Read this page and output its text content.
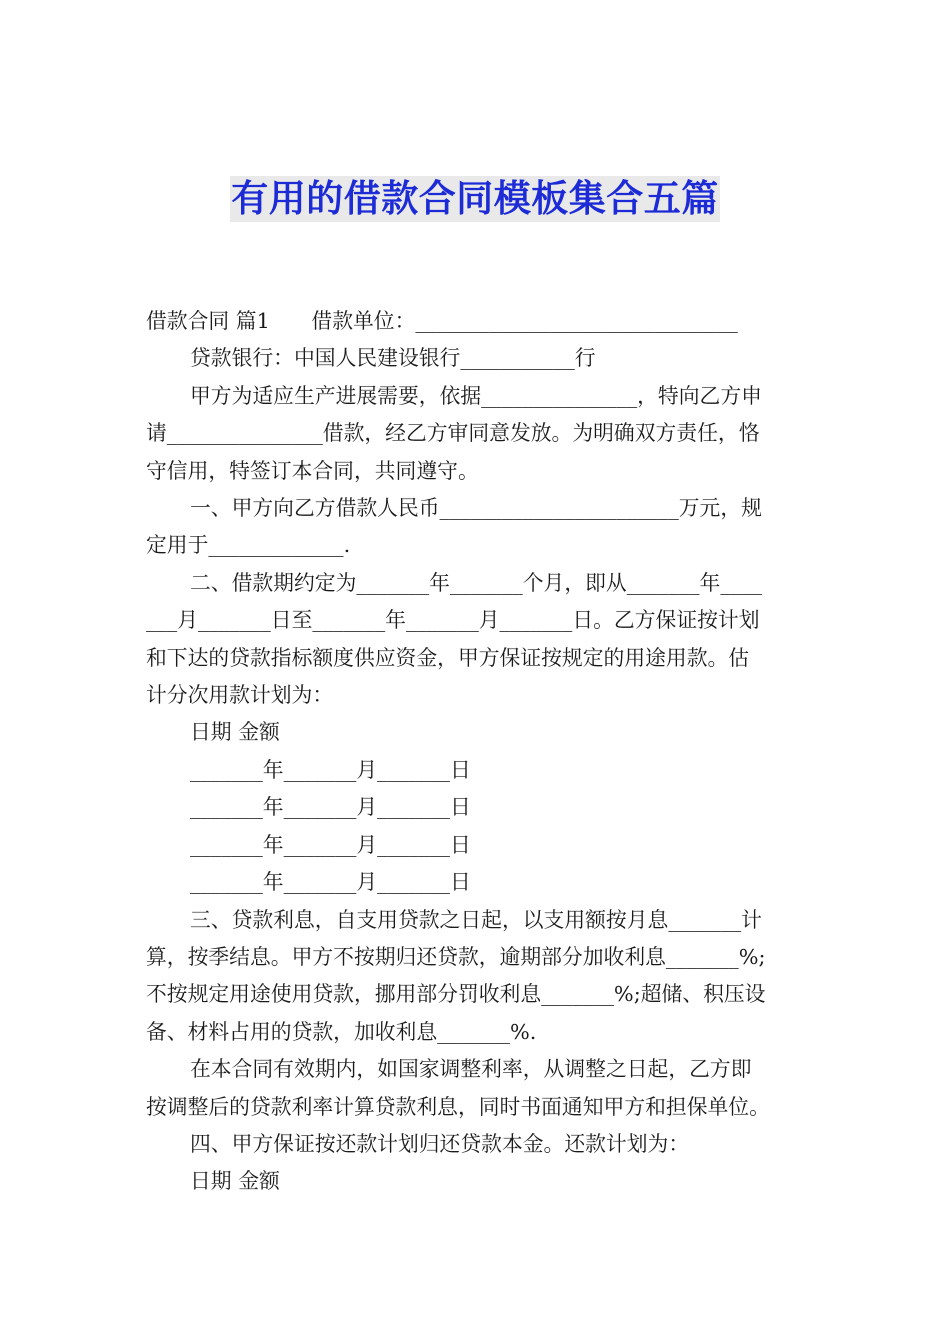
有用的借款合同模板集合五篇

借款合同 篇1　　借款单位：_______________________________

贷款银行：中国人民建设银行___________行

甲方为适应生产进展需要，依据_______________，特向乙方申

请_______________借款，经乙方审同意发放。为明确双方责任，恪

守信用，特签订本合同，共同遵守。

一、甲方向乙方借款人民币_______________________万元，规

定用于_____________.

二、借款期约定为_______年_______个月，即从_______年____

___月_______日至_______年_______月_______日。乙方保证按计划

和下达的贷款指标额度供应资金，甲方保证按规定的用途用款。估

计分次用款计划为：

日期 金额

_______年_______月_______日

_______年_______月_______日

_______年_______月_______日

_______年_______月_______日

三、贷款利息，自支用贷款之日起，以支用额按月息_______计

算，按季结息。甲方不按期归还贷款，逾期部分加收利息_______%;

不按规定用途使用贷款，挪用部分罚收利息_______%;超储、积压设

备、材料占用的贷款，加收利息_______%.

在本合同有效期内，如国家调整利率，从调整之日起，乙方即

按调整后的贷款利率计算贷款利息，同时书面通知甲方和担保单位。

四、甲方保证按还款计划归还贷款本金。还款计划为：

日期 金额
